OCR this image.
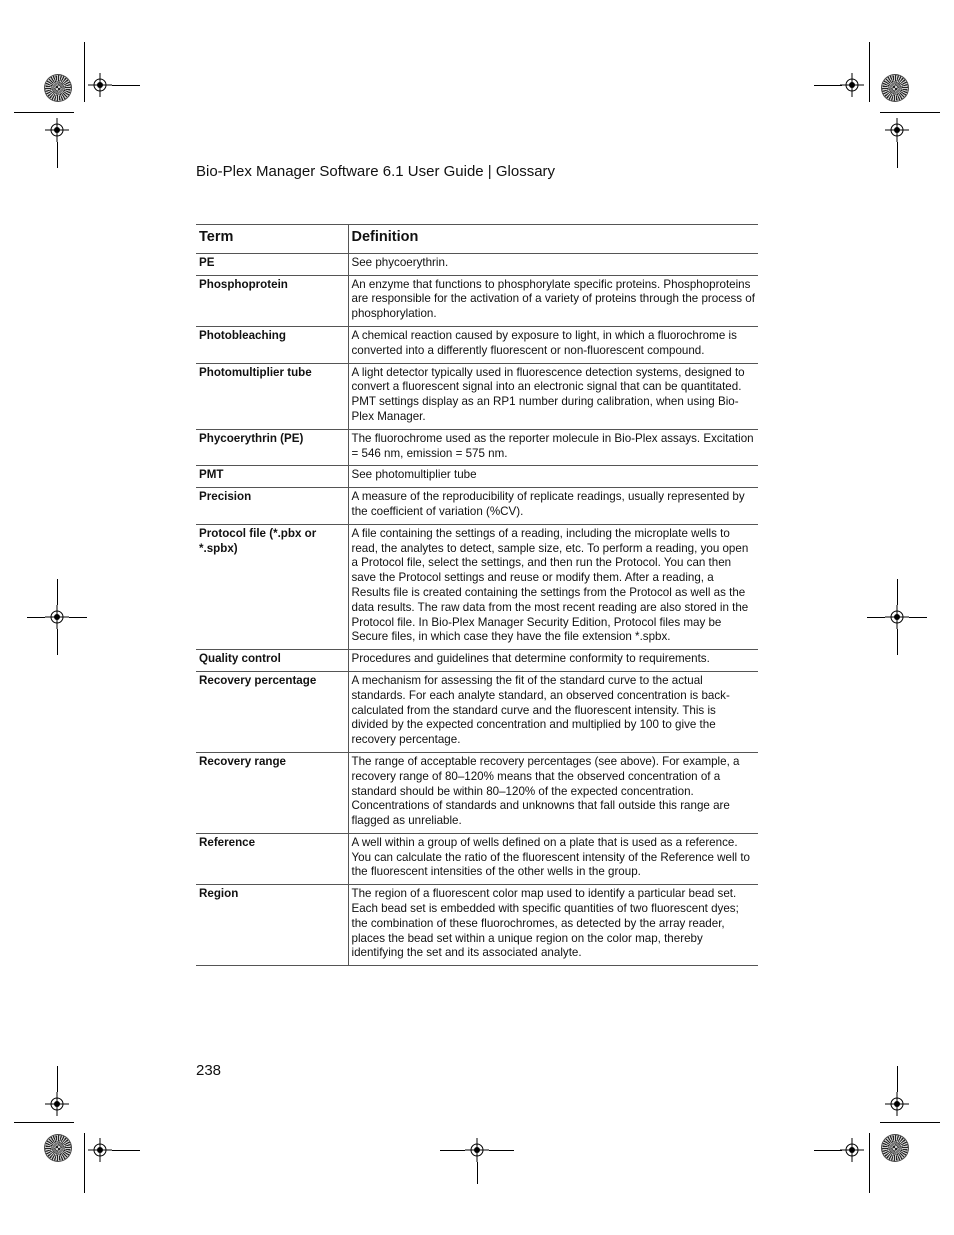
Bio-Plex Manager Software 6.1 User Guide | Glossary
Term	Definition
PE	See phycoerythrin.
Phosphoprotein	An enzyme that functions to phosphorylate specific proteins. Phosphoproteins are responsible for the activation of a variety of proteins through the process of phosphorylation.
Photobleaching	A chemical reaction caused by exposure to light, in which a fluorochrome is converted into a differently fluorescent or non-fluorescent compound.
Photomultiplier tube	A light detector typically used in fluorescence detection systems, designed to convert a fluorescent signal into an electronic signal that can be quantitated. PMT settings display as an RP1 number during calibration, when using Bio-Plex Manager.
Phycoerythrin (PE)	The fluorochrome used as the reporter molecule in Bio-Plex assays. Excitation = 546 nm, emission = 575 nm.
PMT	See photomultiplier tube
Precision	A measure of the reproducibility of replicate readings, usually represented by the coefficient of variation (%CV).
Protocol file (*.pbx or *.spbx)	A file containing the settings of a reading, including the microplate wells to read, the analytes to detect, sample size, etc. To perform a reading, you open a Protocol file, select the settings, and then run the Protocol. You can then save the Protocol settings and reuse or modify them. After a reading, a Results file is created containing the settings from the Protocol as well as the data results. The raw data from the most recent reading are also stored in the Protocol file. In Bio-Plex Manager Security Edition, Protocol files may be Secure files, in which case they have the file extension *.spbx.
Quality control	Procedures and guidelines that determine conformity to requirements.
Recovery percentage	A mechanism for assessing the fit of the standard curve to the actual standards. For each analyte standard, an observed concentration is back-calculated from the standard curve and the fluorescent intensity. This is divided by the expected concentration and multiplied by 100 to give the recovery percentage.
Recovery range	The range of acceptable recovery percentages (see above). For example, a recovery range of 80–120% means that the observed concentration of a standard should be within 80–120% of the expected concentration. Concentrations of standards and unknowns that fall outside this range are flagged as unreliable.
Reference	A well within a group of wells defined on a plate that is used as a reference. You can calculate the ratio of the fluorescent intensity of the Reference well to the fluorescent intensities of the other wells in the group.
Region	The region of a fluorescent color map used to identify a particular bead set. Each bead set is embedded with specific quantities of two fluorescent dyes; the combination of these fluorochromes, as detected by the array reader, places the bead set within a unique region on the color map, thereby identifying the set and its associated analyte.
238
